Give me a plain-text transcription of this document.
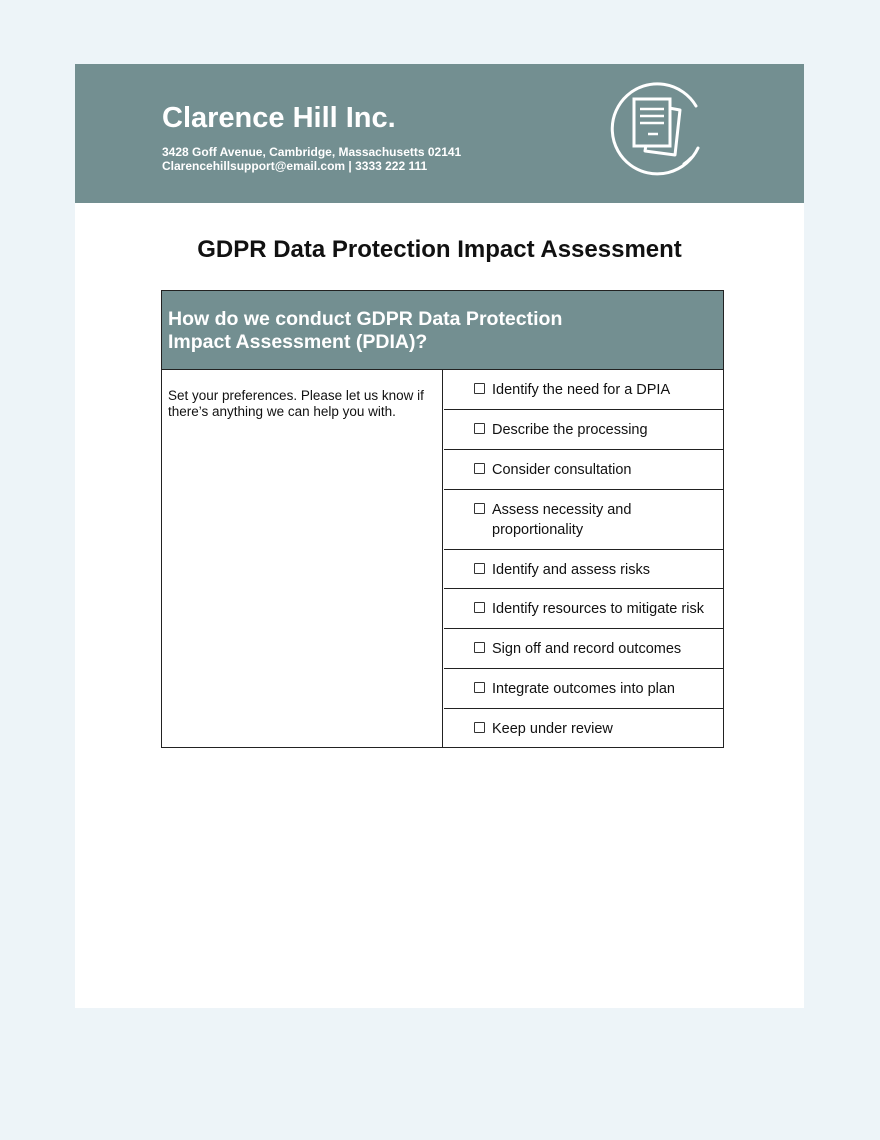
Clarence Hill Inc.
3428 Goff Avenue, Cambridge, Massachusetts 02141
Clarencehillsupport@email.com | 3333 222 111
GDPR Data Protection Impact Assessment
How do we conduct GDPR Data Protection Impact Assessment (PDIA)?
Set your preferences. Please let us know if there’s anything we can help you with.
Identify the need for a DPIA
Describe the processing
Consider consultation
Assess necessity and proportionality
Identify and assess risks
Identify resources to mitigate risk
Sign off and record outcomes
Integrate outcomes into plan
Keep under review
